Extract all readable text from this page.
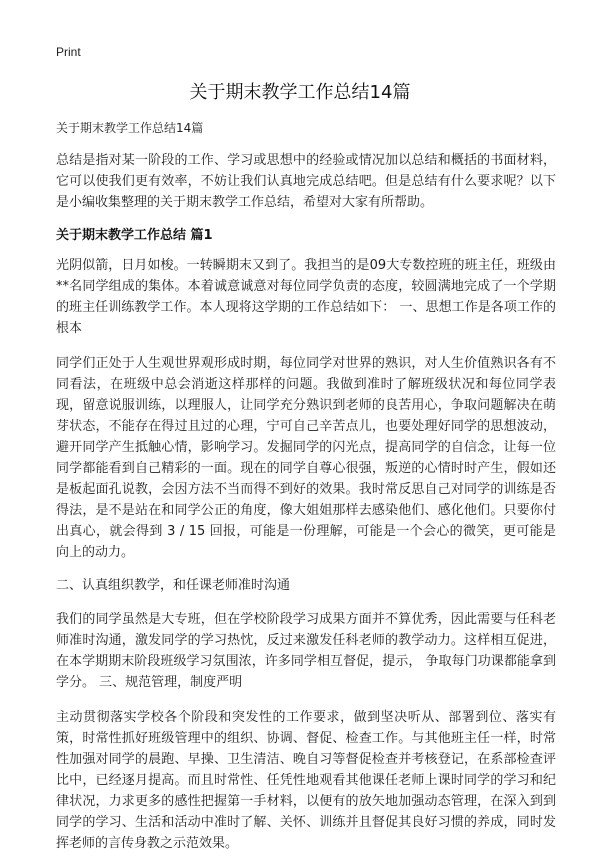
Print
关于期末教学工作总结14篇
关于期末教学工作总结14篇

总结是指对某一阶段的工作、学习或思想中的经验或情况加以总结和概括的书面材料，它可以使我们更有效率，不妨让我们认真地完成总结吧。但是总结有什么要求呢？以下是小编收集整理的关于期末教学工作总结，希望对大家有所帮助。

关于期末教学工作总结 篇1

光阴似箭，日月如梭。一转瞬期末又到了。我担当的是09大专数控班的班主任，班级由**名同学组成的集体。本着诚意诚意对每位同学负责的态度，较圆满地完成了一个学期的班主任训练教学工作。本人现将这学期的工作总结如下： 一、思想工作是各项工作的根本

同学们正处于人生观世界观形成时期，每位同学对世界的熟识，对人生价值熟识各有不同看法，在班级中总会消逝这样那样的问题。我做到准时了解班级状况和每位同学表现，留意说服训练，以理服人，让同学充分熟识到老师的良苦用心，争取问题解决在萌芽状态，不能存在得过且过的心理，宁可自己辛苦点儿，也要处理好同学的思想波动，避开同学产生抵触心情，影响学习。发掘同学的闪光点，提高同学的自信念，让每一位同学都能看到自己精彩的一面。现在的同学自尊心很强，叛逆的心情时时产生，假如还是板起面孔说教，会因方法不当而得不到好的效果。我时常反思自己对同学的训练是否得法，是不是站在和同学公正的角度，像大姐姐那样去感染他们、感化他们。只要你付出真心，就会得到 3 / 15 回报，可能是一份理解，可能是一个会心的微笑，更可能是向上的动力。

二、认真组织教学，和任课老师准时沟通

我们的同学虽然是大专班，但在学校阶段学习成果方面并不算优秀，因此需要与任科老师准时沟通，激发同学的学习热忱，反过来激发任科老师的教学动力。这样相互促进，在本学期期末阶段班级学习氛围浓，许多同学相互督促，提示， 争取每门功课都能拿到学分。 三、规范管理，制度严明

主动贯彻落实学校各个阶段和突发性的工作要求，做到坚决听从、部署到位、落实有策，时常性抓好班级管理中的组织、协调、督促、检查工作。与其他班主任一样，时常性加强对同学的晨跑、早操、卫生清洁、晚自习等督促检查并考核登记，在系部检查评比中，已经逐月提高。而且时常性、任凭性地观看其他课任老师上课时同学的学习和纪律状况，力求更多的感性把握第一手材料，以便有的放矢地加强动态管理，在深入到到同学的学习、生活和活动中准时了解、关怀、训练并且督促其良好习惯的养成，同时发挥老师的言传身教之示范效果。
